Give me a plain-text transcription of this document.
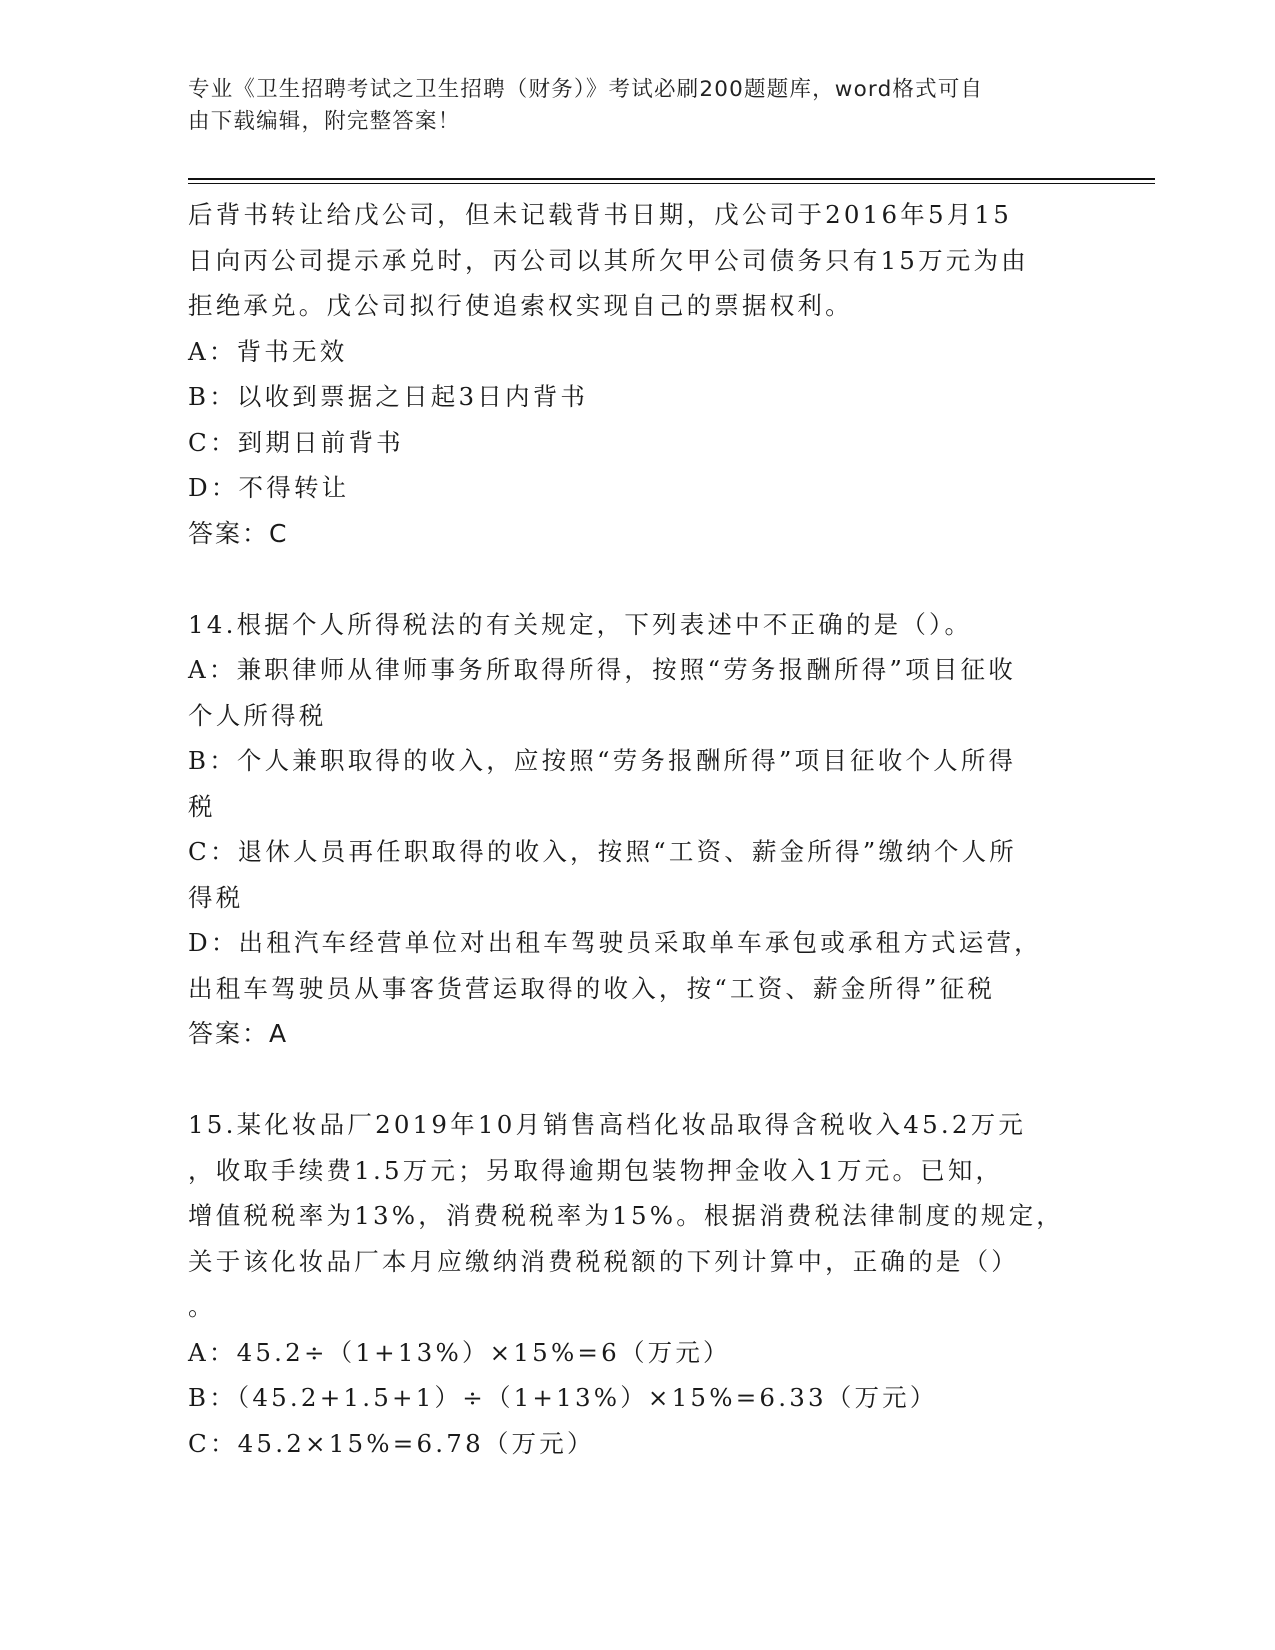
专业《卫生招聘考试之卫生招聘（财务）》考试必刷200题题库，word格式可自
由下载编辑，附完整答案！
后背书转让给戊公司，但未记载背书日期，戊公司于2016年5月15
日向丙公司提示承兑时，丙公司以其所欠甲公司债务只有15万元为由
拒绝承兑。戊公司拟行使追索权实现自己的票据权利。
A：背书无效
B：以收到票据之日起3日内背书
C：到期日前背书
D：不得转让
答案：C
14.根据个人所得税法的有关规定，下列表述中不正确的是（）。
A：兼职律师从律师事务所取得所得，按照“劳务报酬所得”项目征收
个人所得税
B：个人兼职取得的收入，应按照“劳务报酬所得”项目征收个人所得
税
C：退休人员再任职取得的收入，按照“工资、薪金所得”缴纳个人所
得税
D：出租汽车经营单位对出租车驾驶员采取单车承包或承租方式运营，
出租车驾驶员从事客货营运取得的收入，按“工资、薪金所得”征税
答案：A
15.某化妆品厂2019年10月销售高档化妆品取得含税收入45.2万元
，收取手续费1.5万元；另取得逾期包装物押金收入1万元。已知，
增值税税率为13%，消费税税率为15%。根据消费税法律制度的规定，
关于该化妆品厂本月应缴纳消费税税额的下列计算中，正确的是（）
。
A：45.2÷（1+13%）×15%=6（万元）
B：（45.2+1.5+1）÷（1+13%）×15%=6.33（万元）
C：45.2×15%=6.78（万元）
